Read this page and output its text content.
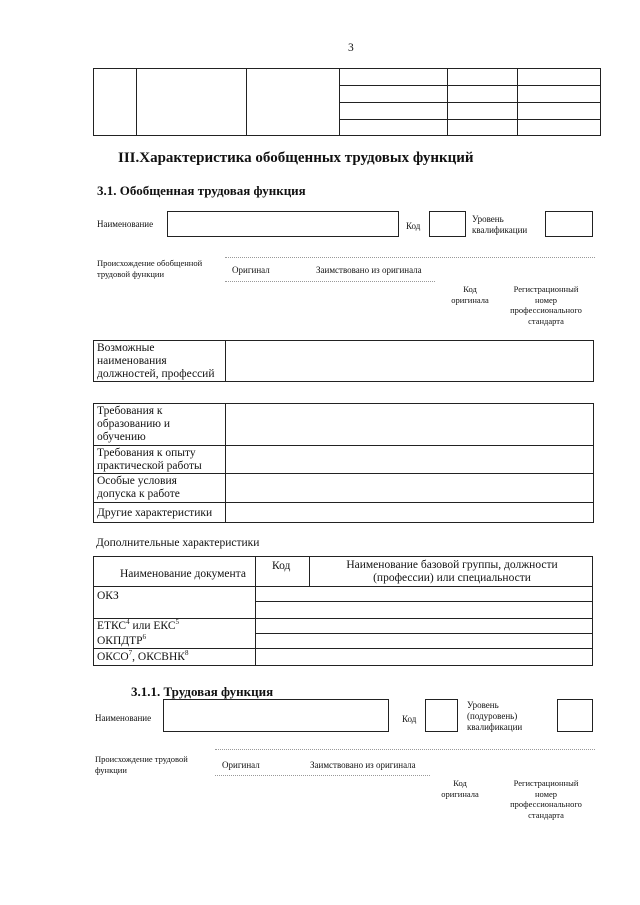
3
III.Характеристика обобщенных трудовых функций
3.1. Обобщенная трудовая функция
Наименование	Код
Уровень
квалификации
Происхождение обобщенной
трудовой функции	Оригинал	Заимствовано из оригинала
Код
оригинала
Регистрационный
номер
профессионального
стандарта
Возможные
наименования
должностей, профессий
Требования к
образованию и
обучению
Требования к опыту
практической работы
Особые условия
допуска к работе
Другие характеристики
Дополнительные характеристики
Наименование документа
Код	Наименование базовой группы, должности
(профессии) или специальности
ОКЗ
ЕТКС$^4$ или ЕКС$^5$
ОКПДТР$^6$
ОКСО$^7$, ОКСВНК$^8$
3.1.1. Трудовая функция
Наименование	Код
Уровень
(подуровень)
квалификации
Происхождение трудовой
функции	Оригинал	Заимствовано из оригинала
Код
оригинала
Регистрационный
номер
профессионального
стандарта
